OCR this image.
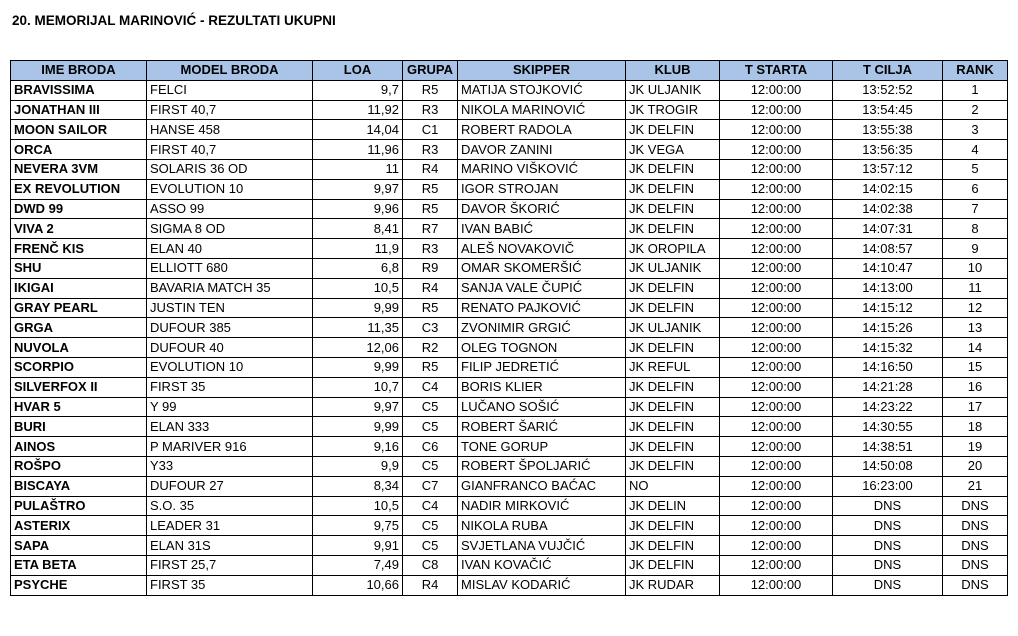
20. MEMORIJAL MARINOVIĆ - REZULTATI UKUPNI
IME BRODA	MODEL BRODA	LOA	GRUPA	SKIPPER	KLUB	T STARTA	T CILJA	RANK
BRAVISSIMA	FELCI	9,7	R5	MATIJA STOJKOVIĆ	JK ULJANIK	12:00:00	13:52:52	1
JONATHAN III	FIRST 40,7	11,92	R3	NIKOLA MARINOVIĆ	JK TROGIR	12:00:00	13:54:45	2
MOON SAILOR	HANSE 458	14,04	C1	ROBERT RADOLA	JK DELFIN	12:00:00	13:55:38	3
ORCA	FIRST 40,7	11,96	R3	DAVOR ZANINI	JK VEGA	12:00:00	13:56:35	4
NEVERA 3VM	SOLARIS 36 OD	11	R4	MARINO VIŠKOVIĆ	JK DELFIN	12:00:00	13:57:12	5
EX REVOLUTION	EVOLUTION 10	9,97	R5	IGOR STROJAN	JK DELFIN	12:00:00	14:02:15	6
DWD 99	ASSO 99	9,96	R5	DAVOR ŠKORIĆ	JK DELFIN	12:00:00	14:02:38	7
VIVA 2	SIGMA 8 OD	8,41	R7	IVAN BABIĆ	JK DELFIN	12:00:00	14:07:31	8
FRENČ KIS	ELAN 40	11,9	R3	ALEŠ NOVAKOVIČ	JK OROPILA	12:00:00	14:08:57	9
SHU	ELLIOTT 680	6,8	R9	OMAR SKOMERŠIĆ	JK ULJANIK	12:00:00	14:10:47	10
IKIGAI	BAVARIA MATCH 35	10,5	R4	SANJA VALE ČUPIĆ	JK DELFIN	12:00:00	14:13:00	11
GRAY PEARL	JUSTIN TEN	9,99	R5	RENATO PAJKOVIĆ	JK DELFIN	12:00:00	14:15:12	12
GRGA	DUFOUR 385	11,35	C3	ZVONIMIR GRGIĆ	JK ULJANIK	12:00:00	14:15:26	13
NUVOLA	DUFOUR 40	12,06	R2	OLEG TOGNON	JK DELFIN	12:00:00	14:15:32	14
SCORPIO	EVOLUTION 10	9,99	R5	FILIP JEDRETIĆ	JK REFUL	12:00:00	14:16:50	15
SILVERFOX II	FIRST 35	10,7	C4	BORIS KLIER	JK DELFIN	12:00:00	14:21:28	16
HVAR 5	Y 99	9,97	C5	LUČANO SOŠIĆ	JK DELFIN	12:00:00	14:23:22	17
BURI	ELAN 333	9,99	C5	ROBERT ŠARIĆ	JK DELFIN	12:00:00	14:30:55	18
AINOS	P MARIVER 916	9,16	C6	TONE GORUP	JK DELFIN	12:00:00	14:38:51	19
ROŠPO	Y33	9,9	C5	ROBERT ŠPOLJARIĆ	JK DELFIN	12:00:00	14:50:08	20
BISCAYA	DUFOUR 27	8,34	C7	GIANFRANCO BAĆAC	NO	12:00:00	16:23:00	21
PULAŠTRO	S.O. 35	10,5	C4	NADIR MIRKOVIĆ	JK DELIN	12:00:00	DNS	DNS
ASTERIX	LEADER 31	9,75	C5	NIKOLA RUBA	JK DELFIN	12:00:00	DNS	DNS
SAPA	ELAN 31S	9,91	C5	SVJETLANA VUJČIĆ	JK DELFIN	12:00:00	DNS	DNS
ETA BETA	FIRST 25,7	7,49	C8	IVAN KOVAČIĆ	JK DELFIN	12:00:00	DNS	DNS
PSYCHE	FIRST 35	10,66	R4	MISLAV KODARIĆ	JK RUDAR	12:00:00	DNS	DNS
